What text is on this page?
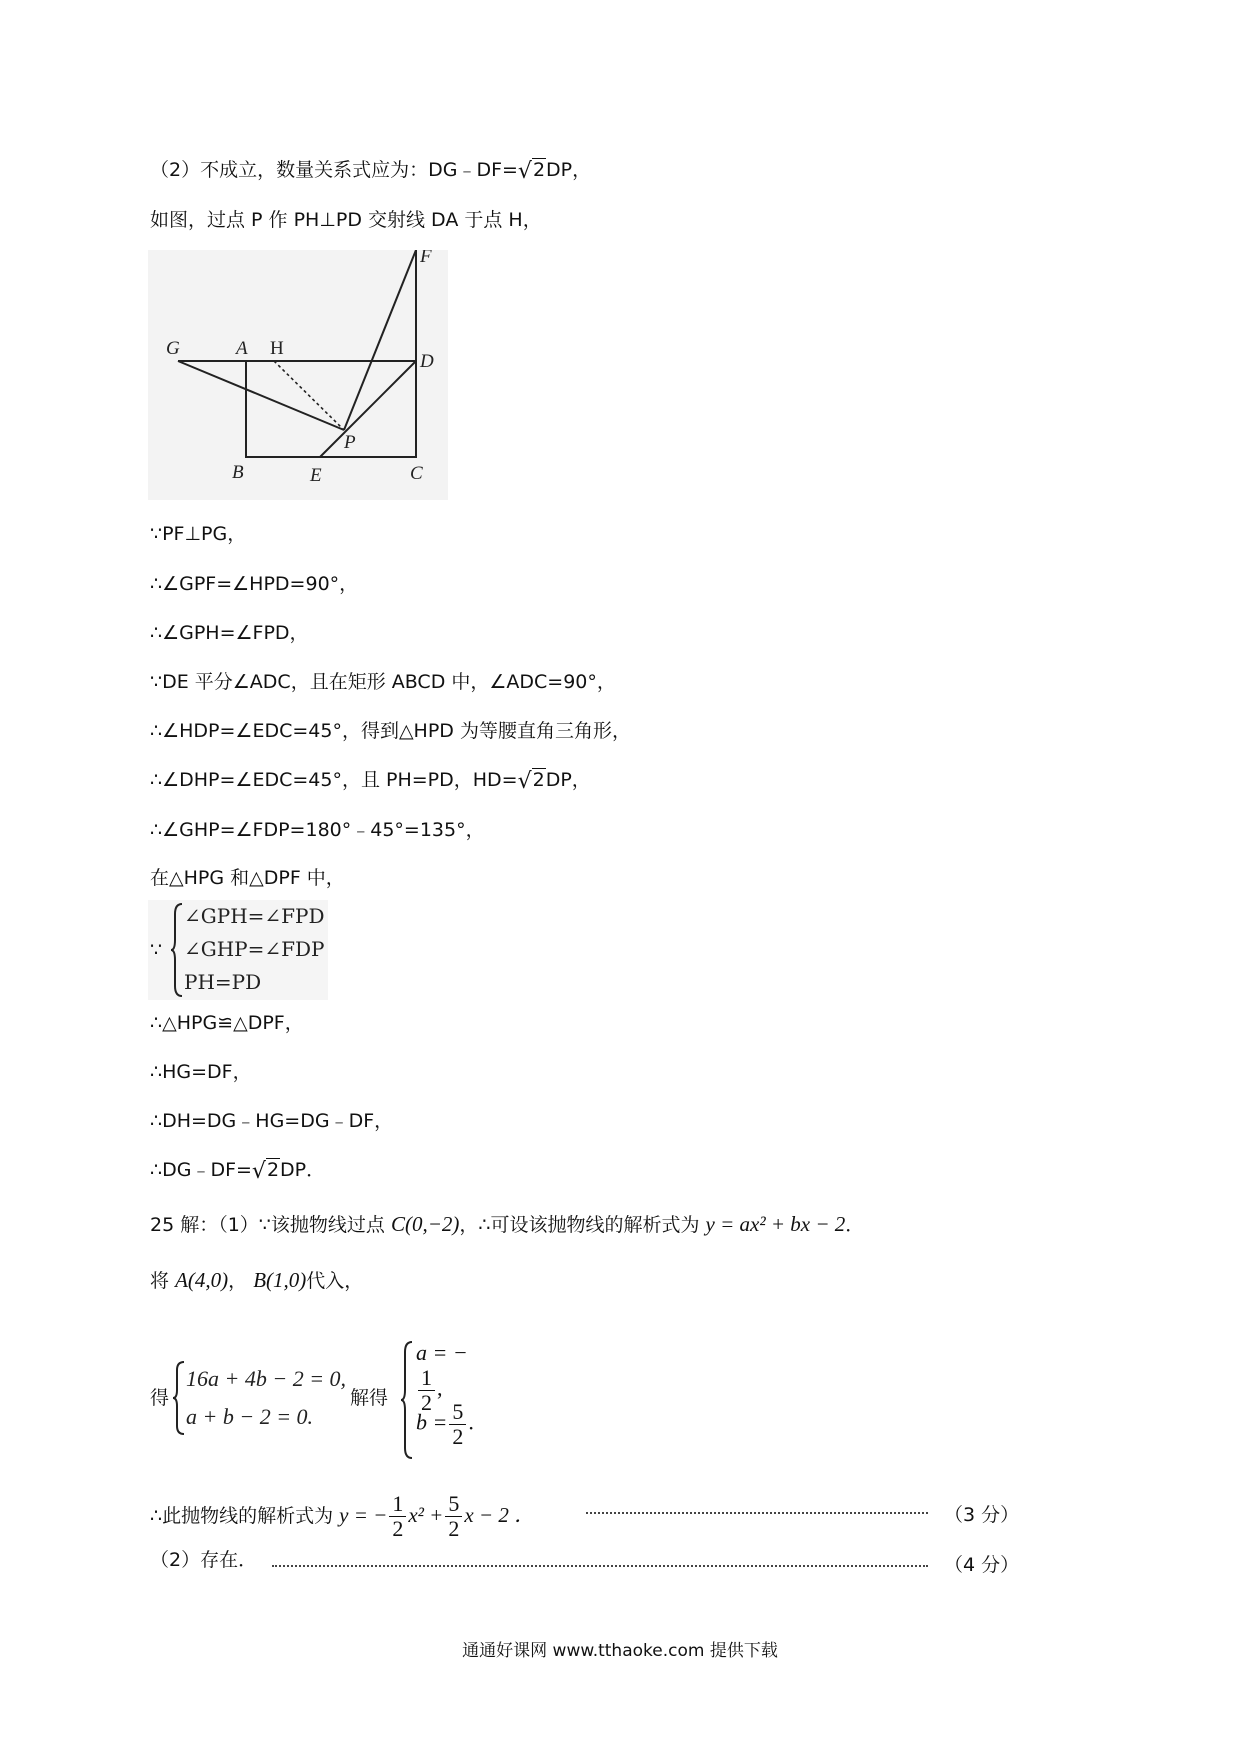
（2）不成立，数量关系式应为：DG﹣DF=√2DP，
如图，过点 P 作 PH⊥PD 交射线 DA 于点 H，
G	A H
F
D
P
B	E	C
∵PF⊥PG，
∴∠GPF=∠HPD=90°，
∴∠GPH=∠FPD，
∵DE 平分∠ADC，且在矩形 ABCD 中，∠ADC=90°，
∴∠HDP=∠EDC=45°，得到△HPD 为等腰直角三角形，
∴∠DHP=∠EDC=45°，且 PH=PD，HD=√2DP，
∴∠GHP=∠FDP=180°﹣45°=135°，
在△HPG 和△DPF 中，
∵
∠GPH=∠FPD
∠GHP=∠FDP
PH=PD
∴△HPG≌△DPF，
∴HG=DF，
∴DH=DG﹣HG=DG﹣DF，
∴DG﹣DF=√2DP．
25 解：（1）∵该抛物线过点 C(0,−2)，∴可设该抛物线的解析式为 y = ax² + bx − 2．
将 A(4,0)， B(1,0)代入，
得
16a + 4b − 2 = 0,
a + b − 2 = 0.
解得
a = −
$\frac{1}{2}$ ,
$b = \frac{5}{2}$ .
∴此抛物线的解析式为 y = − $\frac{1}{2} x^2 + \frac{5}{2}$ x − 2 ．	（3 分）
（2）存在．	（4 分）
通通好课网 www.tthaoke.com 提供下载
